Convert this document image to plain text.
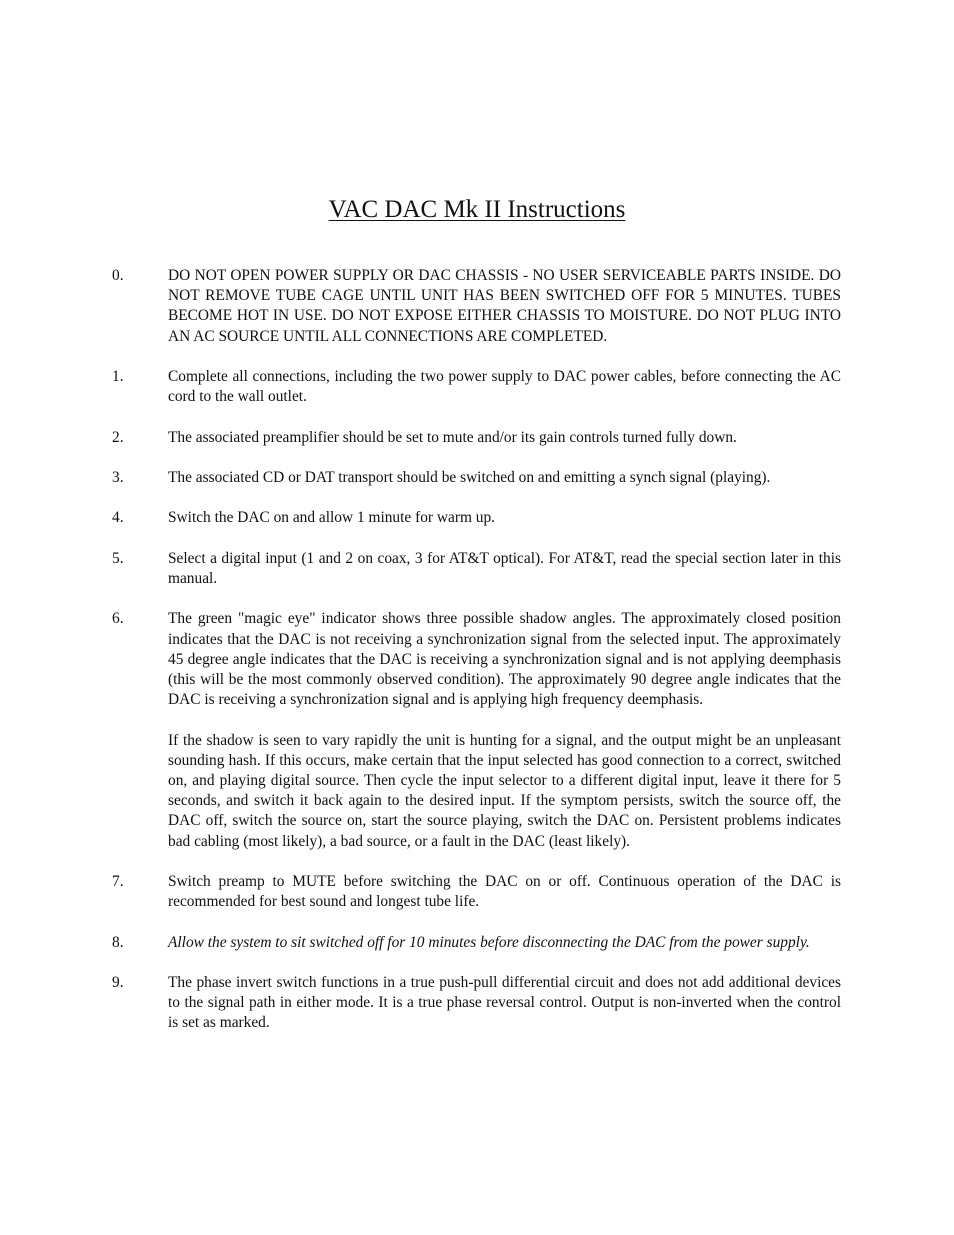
VAC DAC Mk II Instructions
0.	DO NOT OPEN POWER SUPPLY OR DAC CHASSIS - NO USER SERVICEABLE PARTS INSIDE. DO NOT REMOVE TUBE CAGE UNTIL UNIT HAS BEEN SWITCHED OFF FOR 5 MINUTES. TUBES BECOME HOT IN USE. DO NOT EXPOSE EITHER CHASSIS TO MOISTURE. DO NOT PLUG INTO AN AC SOURCE UNTIL ALL CONNECTIONS ARE COMPLETED.

1.	Complete all connections, including the two power supply to DAC power cables, before connecting the AC cord to the wall outlet.

2.	The associated preamplifier should be set to mute and/or its gain controls turned fully down.

3.	The associated CD or DAT transport should be switched on and emitting a synch signal (playing).

4.	Switch the DAC on and allow 1 minute for warm up.

5.	Select a digital input (1 and 2 on coax, 3 for AT&T optical). For AT&T, read the special section later in this manual.

6.	The green "magic eye" indicator shows three possible shadow angles. The approximately closed position indicates that the DAC is not receiving a synchronization signal from the selected input. The approximately 45 degree angle indicates that the DAC is receiving a synchronization signal and is not applying deemphasis (this will be the most commonly observed condition). The approximately 90 degree angle indicates that the DAC is receiving a synchronization signal and is applying high frequency deemphasis.

If the shadow is seen to vary rapidly the unit is hunting for a signal, and the output might be an unpleasant sounding hash. If this occurs, make certain that the input selected has good connection to a correct, switched on, and playing digital source. Then cycle the input selector to a different digital input, leave it there for 5 seconds, and switch it back again to the desired input. If the symptom persists, switch the source off, the DAC off, switch the source on, start the source playing, switch the DAC on. Persistent problems indicates bad cabling (most likely), a bad source, or a fault in the DAC (least likely).

7.	Switch preamp to MUTE before switching the DAC on or off. Continuous operation of the DAC is recommended for best sound and longest tube life.

8.	Allow the system to sit switched off for 10 minutes before disconnecting the DAC from the power supply.

9.	The phase invert switch functions in a true push-pull differential circuit and does not add additional devices to the signal path in either mode. It is a true phase reversal control. Output is non-inverted when the control is set as marked.
